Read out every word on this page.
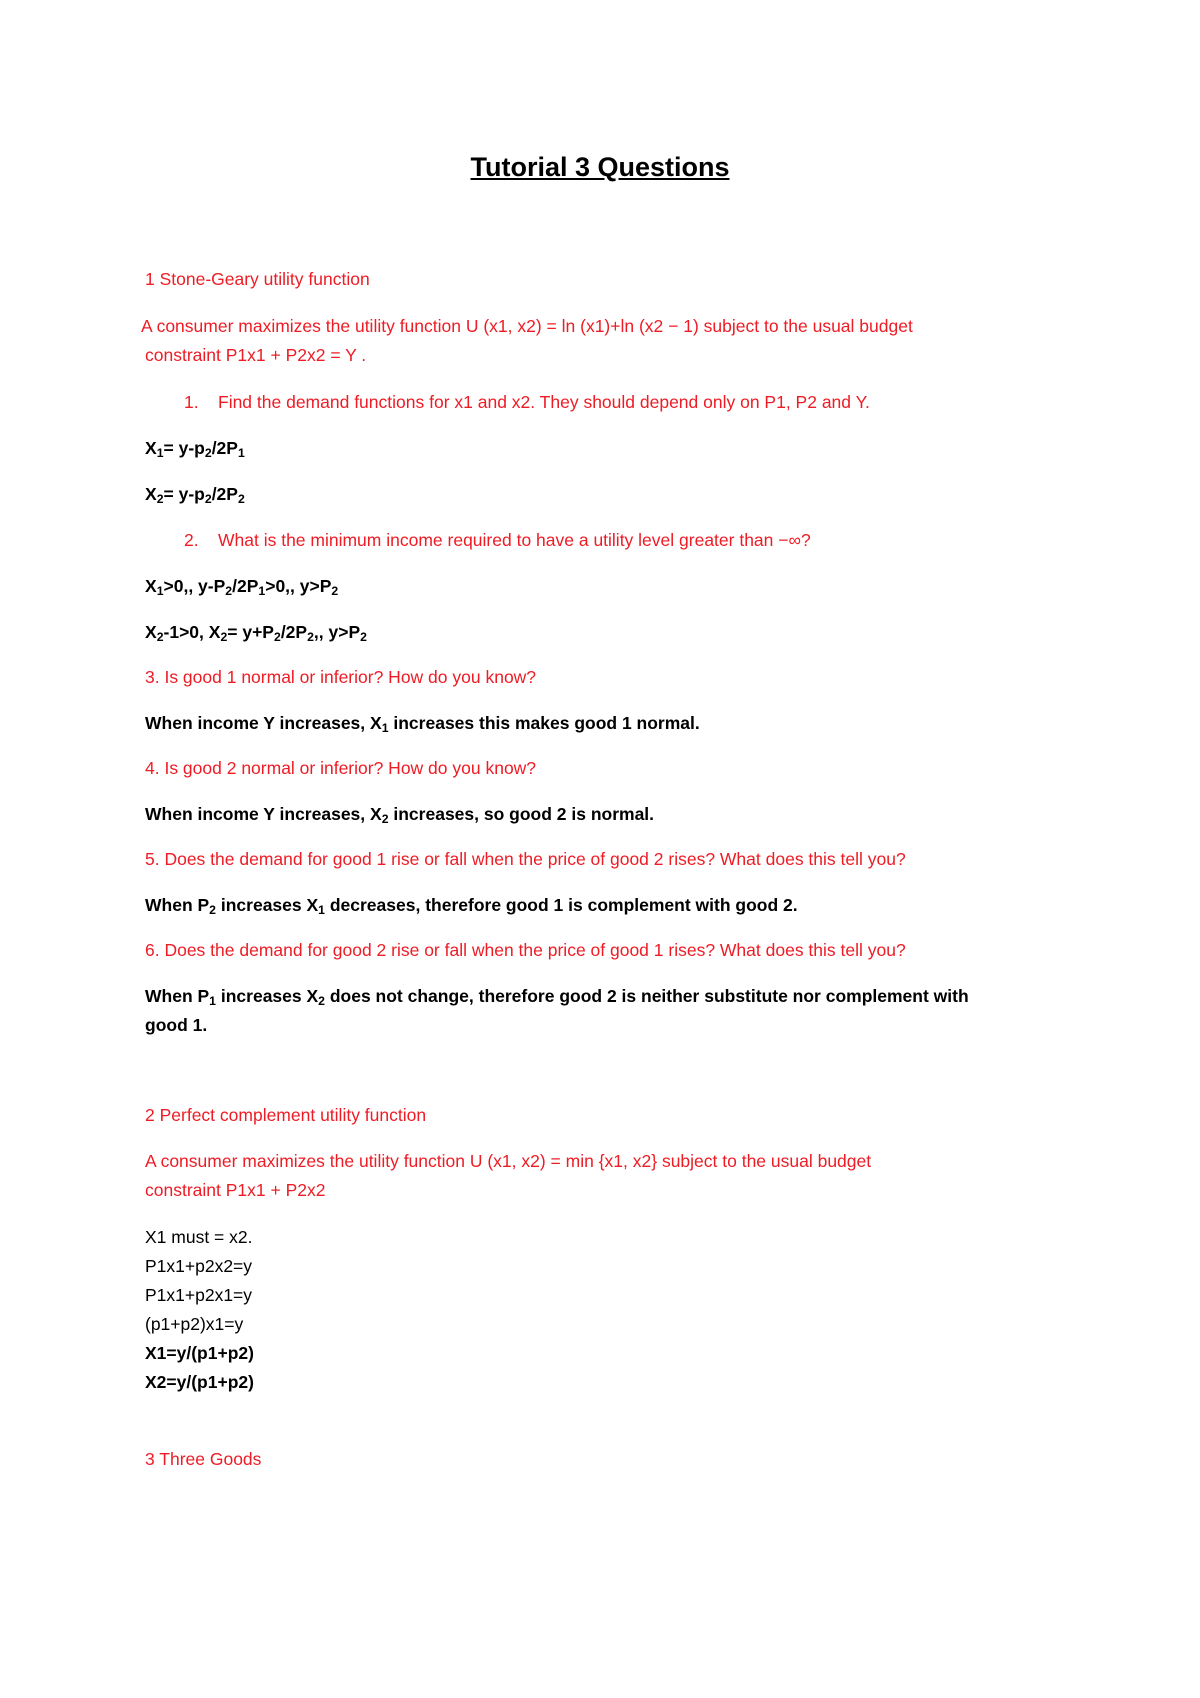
Tutorial 3 Questions
1 Stone-Geary utility function
A consumer maximizes the utility function U (x1, x2) = ln (x1)+ln (x2 − 1) subject to the usual budget
constraint P1x1 + P2x2 = Y .
1. Find the demand functions for x1 and x2. They should depend only on P1, P2 and Y.
$X_1= y-p_2/2P_1$
$X_2= y-p_2/2P_2$
2. What is the minimum income required to have a utility level greater than −∞?
$X_1>0$,, $y-P_2/2P_1>0$,, $y>P_2$
$X_2-1>0$, $X_2= y+P_2/2P_2$,, $y>P_2$
3. Is good 1 normal or inferior? How do you know?
When income Y increases, $X_1$ increases this makes good 1 normal.
4. Is good 2 normal or inferior? How do you know?
When income Y increases, $X_2$ increases, so good 2 is normal.
5. Does the demand for good 1 rise or fall when the price of good 2 rises? What does this tell you?
When $P_2$ increases $X_1$ decreases, therefore good 1 is complement with good 2.
6. Does the demand for good 2 rise or fall when the price of good 1 rises? What does this tell you?
When $P_1$ increases $X_2$ does not change, therefore good 2 is neither substitute nor complement with
good 1.
2 Perfect complement utility function
A consumer maximizes the utility function U (x1, x2) = min {x1, x2} subject to the usual budget
constraint P1x1 + P2x2
X1 must = x2.
P1x1+p2x2=y
P1x1+p2x1=y
(p1+p2)x1=y
X1=y/(p1+p2)
X2=y/(p1+p2)
3 Three Goods
